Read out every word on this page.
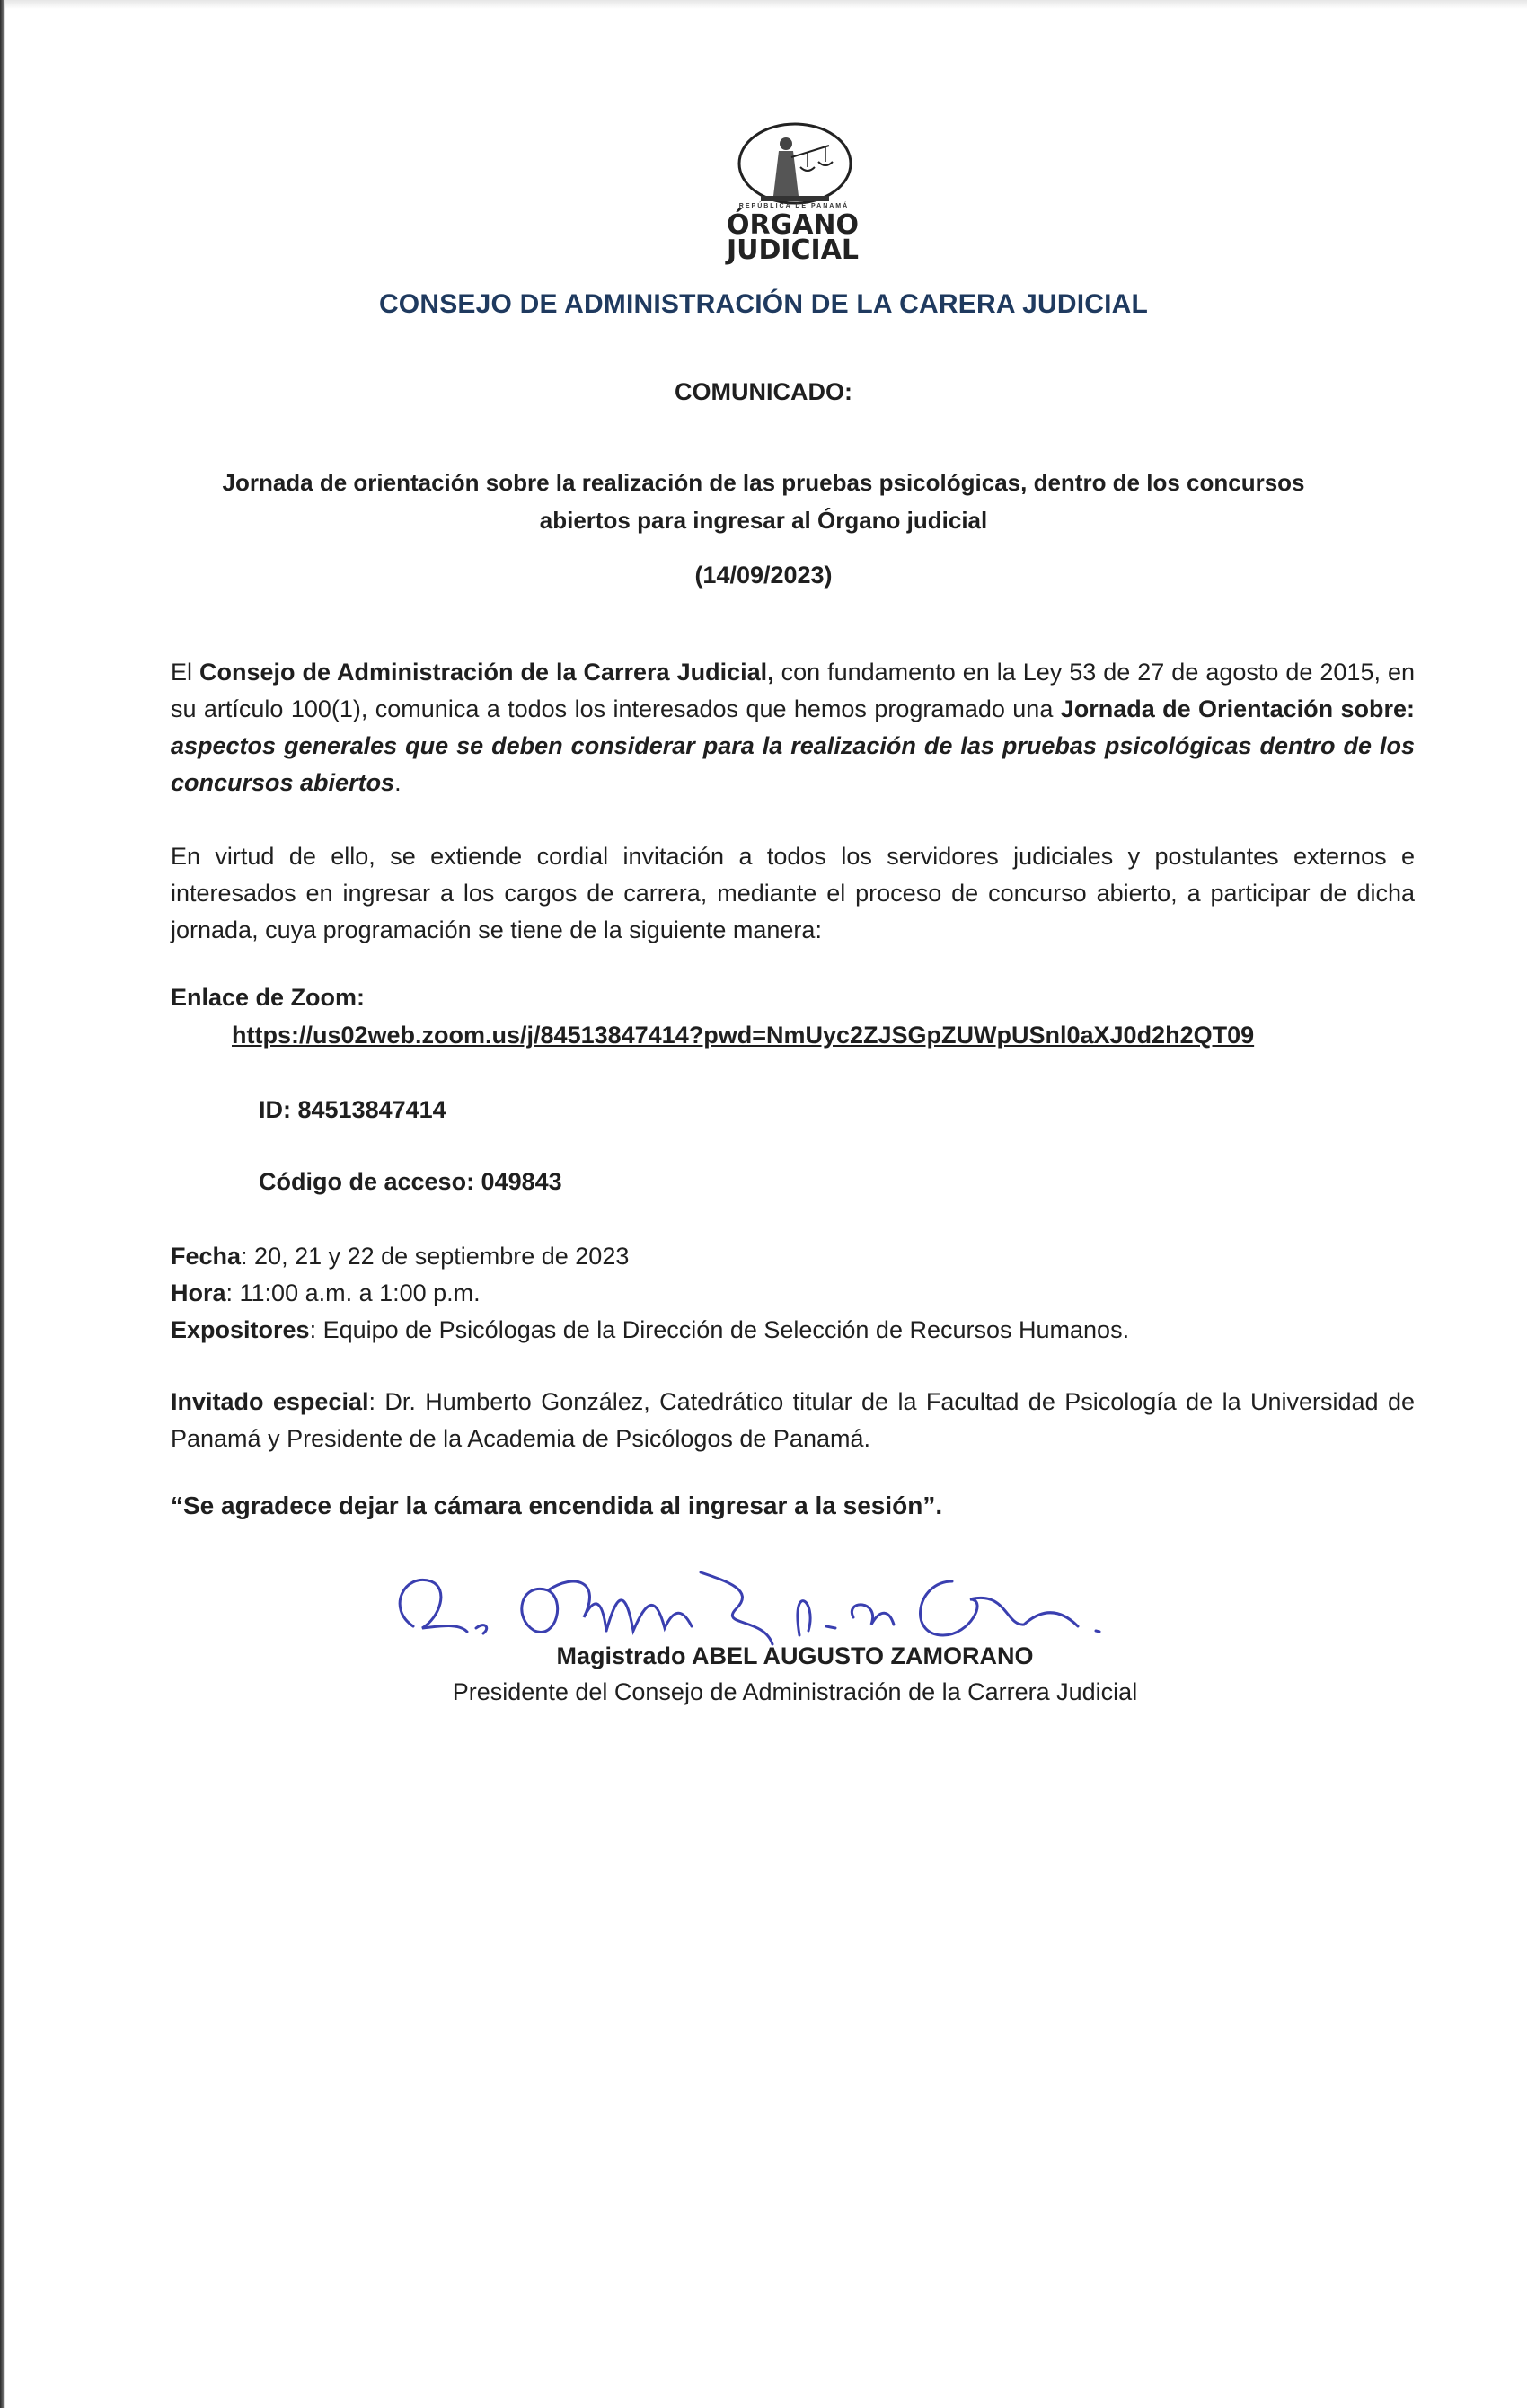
REPÚBLICA DE PANAMÁ
ÓRGANO
JUDICIAL
CONSEJO DE ADMINISTRACIÓN DE LA CARERA JUDICIAL
COMUNICADO:
Jornada de orientación sobre la realización de las pruebas psicológicas, dentro de los concursos
abiertos para ingresar al Órgano judicial
(14/09/2023)
El Consejo de Administración de la Carrera Judicial, con fundamento en la Ley 53 de 27 de agosto de 2015, en su artículo 100(1), comunica a todos los interesados que hemos programado una Jornada de Orientación sobre: aspectos generales que se deben considerar para la realización de las pruebas psicológicas dentro de los concursos abiertos.
En virtud de ello, se extiende cordial invitación a todos los servidores judiciales y postulantes externos e interesados en ingresar a los cargos de carrera, mediante el proceso de concurso abierto, a participar de dicha jornada, cuya programación se tiene de la siguiente manera:
Enlace de Zoom:
https://us02web.zoom.us/j/84513847414?pwd=NmUyc2ZJSGpZUWpUSnl0aXJ0d2h2QT09
ID: 84513847414
Código de acceso: 049843
Fecha: 20, 21 y 22 de septiembre de 2023
Hora: 11:00 a.m. a 1:00 p.m.
Expositores: Equipo de Psicólogas de la Dirección de Selección de Recursos Humanos.
Invitado especial: Dr. Humberto González, Catedrático titular de la Facultad de Psicología de la Universidad de Panamá y Presidente de la Academia de Psicólogos de Panamá.
“Se agradece dejar la cámara encendida al ingresar a la sesión”.
Magistrado ABEL AUGUSTO ZAMORANO
Presidente del Consejo de Administración de la Carrera Judicial
